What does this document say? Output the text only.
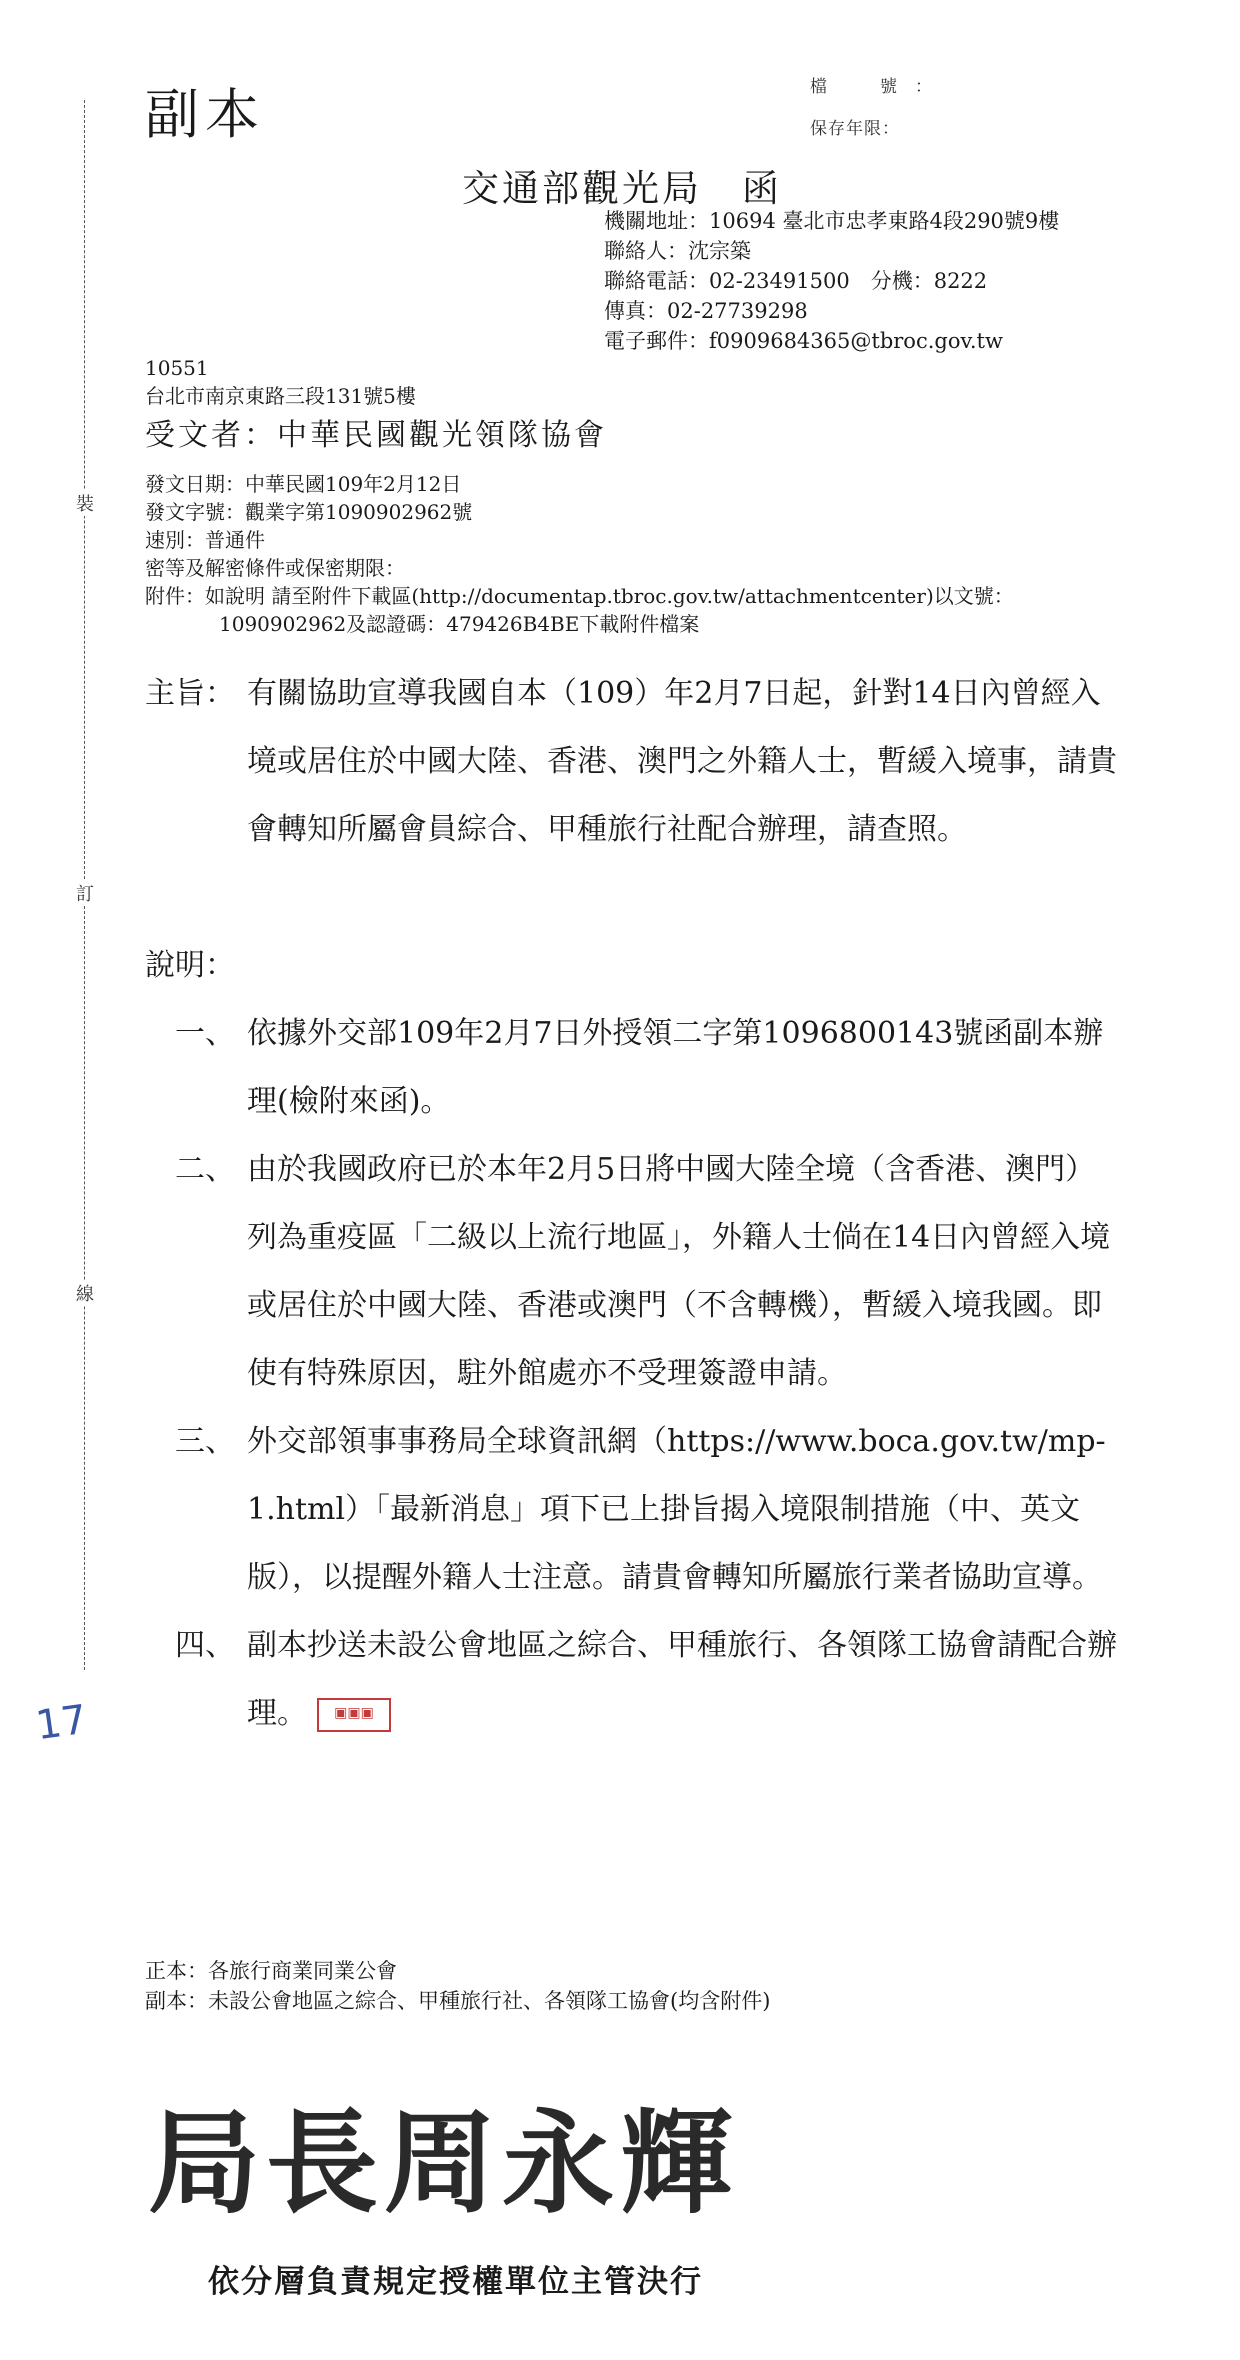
裝
訂
線
17
副本	檔　號：
保存年限：
交通部觀光局 函
機關地址：10694 臺北市忠孝東路4段290號9樓
聯絡人：沈宗築
聯絡電話：02-23491500　分機：8222
傳真：02-27739298
電子郵件：f0909684365@tbroc.gov.tw
10551
台北市南京東路三段131號5樓
受文者：中華民國觀光領隊協會
發文日期：中華民國109年2月12日
發文字號：觀業字第1090902962號
速別：普通件
密等及解密條件或保密期限：
附件：如說明 請至附件下載區(http://documentap.tbroc.gov.tw/attachmentcenter)以文號：
1090902962及認證碼：479426B4BE下載附件檔案
主旨： 有關協助宣導我國自本（109）年2月7日起，針對14日內曾經入境或居住於中國大陸、香港、澳門之外籍人士，暫緩入境事，請貴會轉知所屬會員綜合、甲種旅行社配合辦理，請查照。
說明：
一、 依據外交部109年2月7日外授領二字第1096800143號函副本辦理(檢附來函)。
二、 由於我國政府已於本年2月5日將中國大陸全境（含香港、澳門）列為重疫區「二級以上流行地區」，外籍人士倘在14日內曾經入境或居住於中國大陸、香港或澳門（不含轉機），暫緩入境我國。即使有特殊原因，駐外館處亦不受理簽證申請。
三、 外交部領事事務局全球資訊網（https://www.boca.gov.tw/mp-1.html）「最新消息」項下已上掛旨揭入境限制措施（中、英文版），以提醒外籍人士注意。請貴會轉知所屬旅行業者協助宣導。
四、 副本抄送未設公會地區之綜合、甲種旅行、各領隊工協會請配合辦理。 ▣▣▣
正本：各旅行商業同業公會
副本：未設公會地區之綜合、甲種旅行社、各領隊工協會(均含附件)
局長周永輝
依分層負責規定授權單位主管決行
